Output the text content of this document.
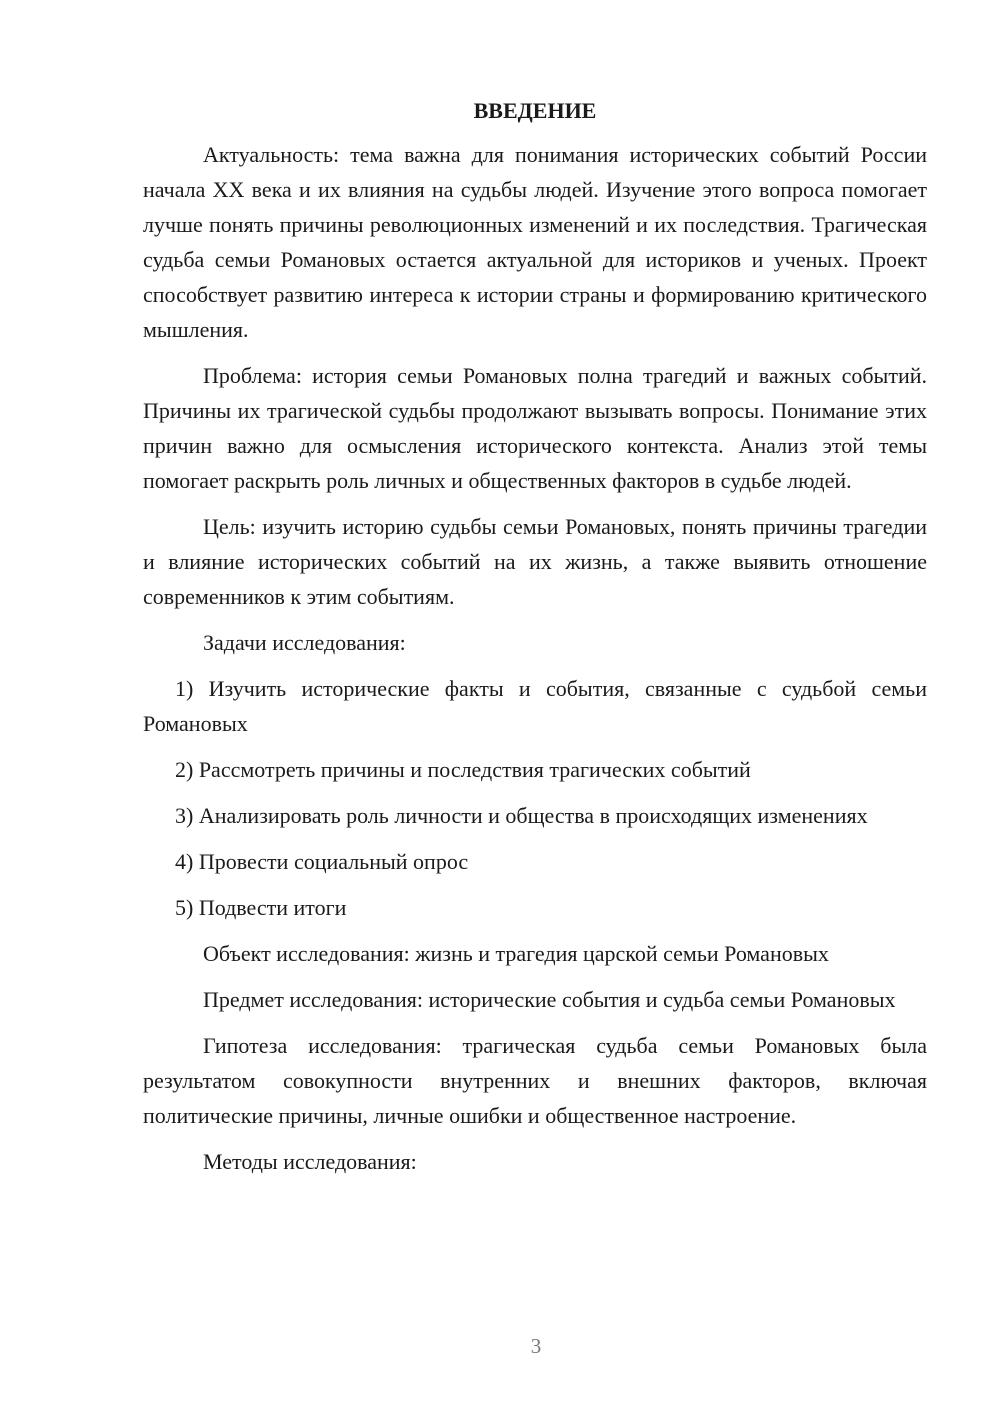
ВВЕДЕНИЕ

Актуальность: тема важна для понимания исторических событий России начала XX века и их влияния на судьбы людей. Изучение этого вопроса помогает лучше понять причины революционных изменений и их последствия. Трагическая судьба семьи Романовых остается актуальной для историков и ученых. Проект способствует развитию интереса к истории страны и формированию критического мышления.

Проблема: история семьи Романовых полна трагедий и важных событий. Причины их трагической судьбы продолжают вызывать вопросы. Понимание этих причин важно для осмысления исторического контекста. Анализ этой темы помогает раскрыть роль личных и общественных факторов в судьбе людей.

Цель: изучить историю судьбы семьи Романовых, понять причины трагедии и влияние исторических событий на их жизнь, а также выявить отношение современников к этим событиям.

Задачи исследования:

1) Изучить исторические факты и события, связанные с судьбой семьи Романовых

2) Рассмотреть причины и последствия трагических событий

3) Анализировать роль личности и общества в происходящих изменениях

4) Провести социальный опрос

5) Подвести итоги

Объект исследования: жизнь и трагедия царской семьи Романовых

Предмет исследования: исторические события и судьба семьи Романовых

Гипотеза исследования: трагическая судьба семьи Романовых была результатом совокупности внутренних и внешних факторов, включая политические причины, личные ошибки и общественное настроение.

Методы исследования:

3
